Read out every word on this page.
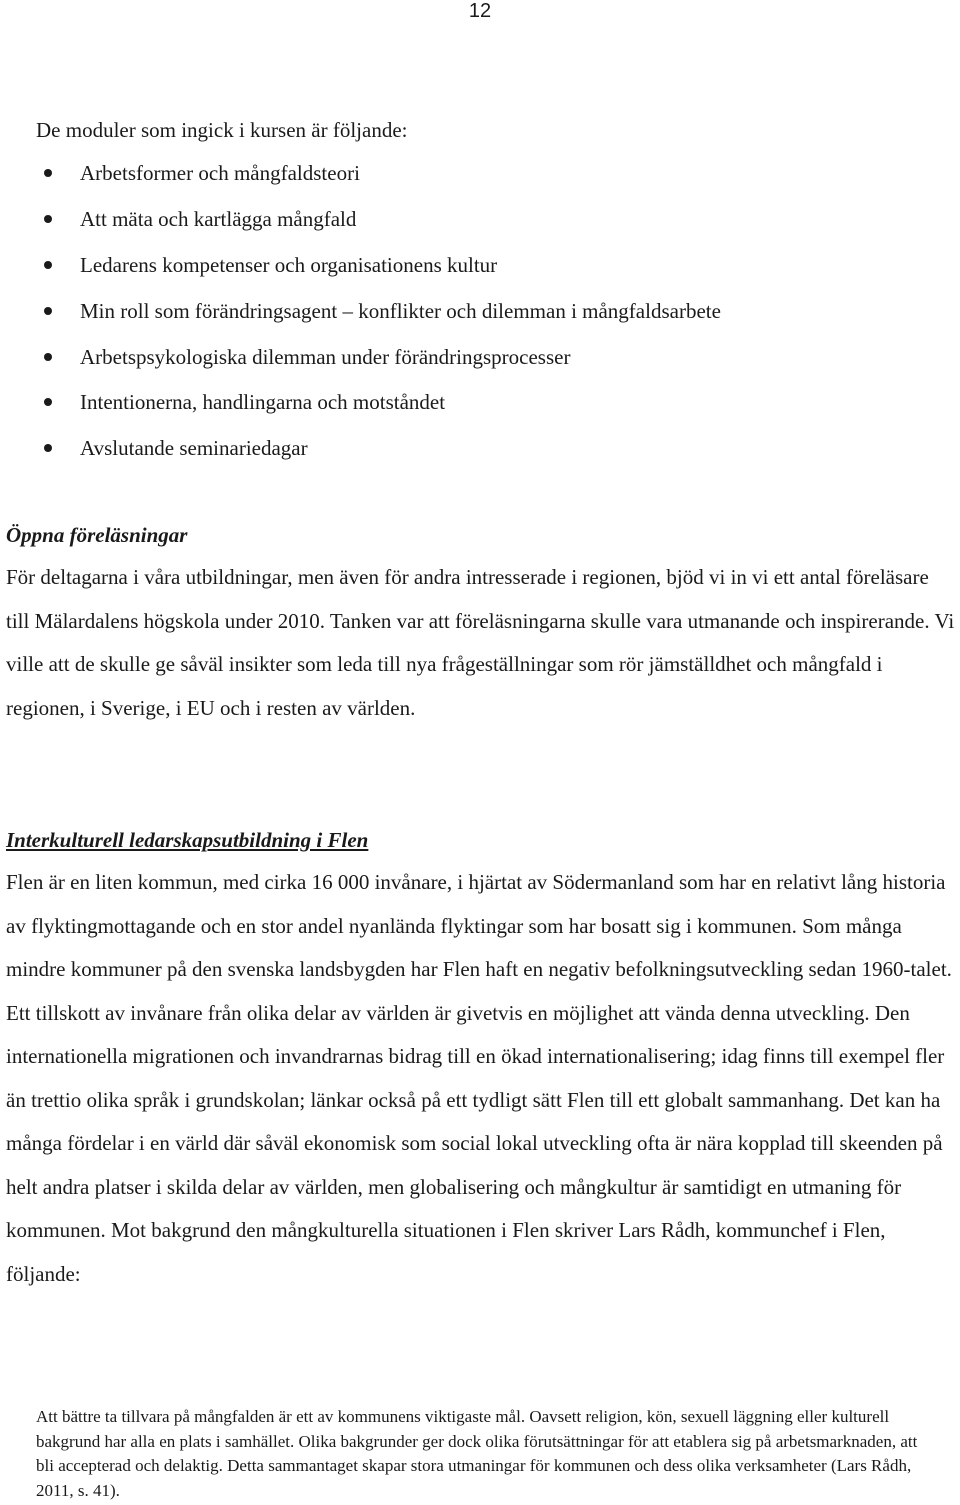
12

De moduler som ingick i kursen är följande:

Arbetsformer och mångfaldsteori
Att mäta och kartlägga mångfald
Ledarens kompetenser och organisationens kultur
Min roll som förändringsagent – konflikter och dilemman i mångfaldsarbete
Arbetspsykologiska dilemman under förändringsprocesser
Intentionerna, handlingarna och motståndet
Avslutande seminariedagar
Öppna föreläsningar

För deltagarna i våra utbildningar, men även för andra intresserade i regionen, bjöd vi in vi ett antal föreläsare till Mälardalens högskola under 2010. Tanken var att föreläsningarna skulle vara utmanande och inspirerande. Vi ville att de skulle ge såväl insikter som leda till nya frågeställningar som rör jämställdhet och mångfald i regionen, i Sverige, i EU och i resten av världen.

Interkulturell ledarskapsutbildning i Flen

Flen är en liten kommun, med cirka 16 000 invånare, i hjärtat av Södermanland som har en relativt lång historia av flyktingmottagande och en stor andel nyanlända flyktingar som har bosatt sig i kommunen. Som många mindre kommuner på den svenska landsbygden har Flen haft en negativ befolkningsutveckling sedan 1960-talet. Ett tillskott av invånare från olika delar av världen är givetvis en möjlighet att vända denna utveckling. Den internationella migrationen och invandrarnas bidrag till en ökad internationalisering; idag finns till exempel fler än trettio olika språk i grundskolan; länkar också på ett tydligt sätt Flen till ett globalt sammanhang. Det kan ha många fördelar i en värld där såväl ekonomisk som social lokal utveckling ofta är nära kopplad till skeenden på helt andra platser i skilda delar av världen, men globalisering och mångkultur är samtidigt en utmaning för kommunen. Mot bakgrund den mångkulturella situationen i Flen skriver Lars Rådh, kommunchef i Flen, följande:

Att bättre ta tillvara på mångfalden är ett av kommunens viktigaste mål. Oavsett religion, kön, sexuell läggning eller kulturell bakgrund har alla en plats i samhället. Olika bakgrunder ger dock olika förutsättningar för att etablera sig på arbetsmarknaden, att bli accepterad och delaktig. Detta sammantaget skapar stora utmaningar för kommunen och dess olika verksamheter (Lars Rådh, 2011, s. 41).
